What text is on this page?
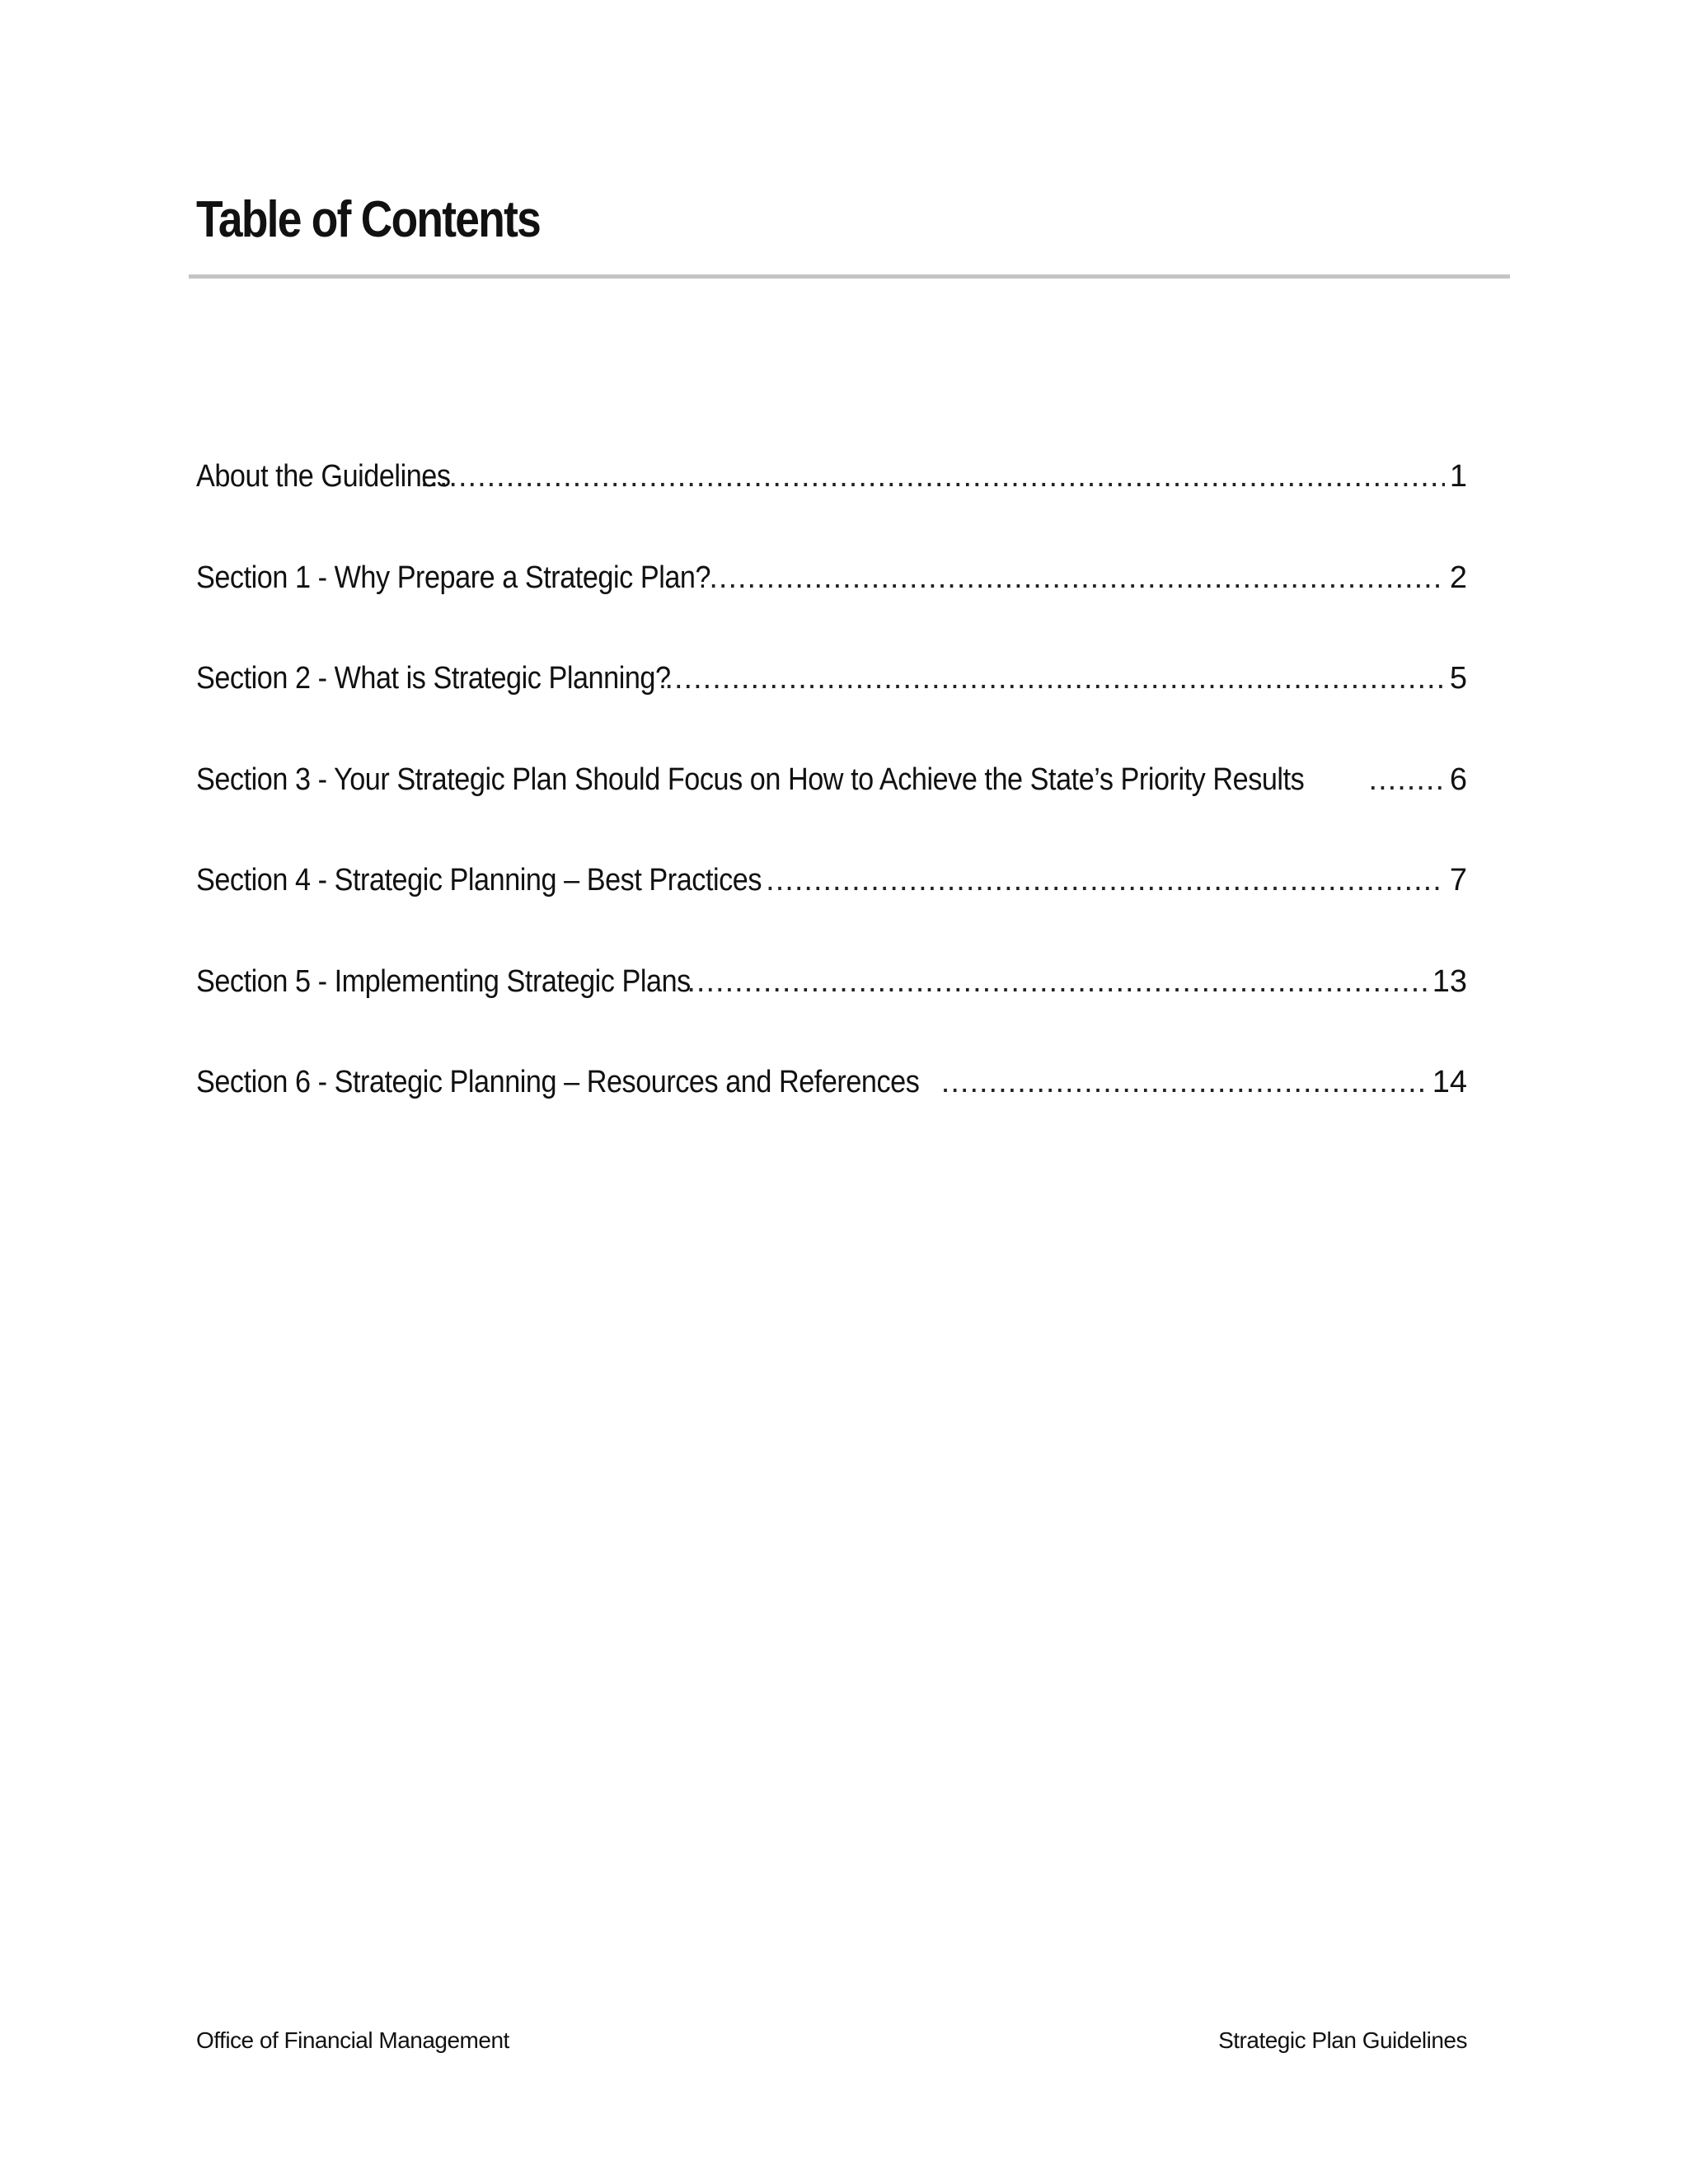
Table of Contents
About the Guidelines .....	1
Section 1 - Why Prepare a Strategic Plan? .....	2
Section 2 - What is Strategic Planning? .....	5
Section 3 - Your Strategic Plan Should Focus on How to Achieve the State’s Priority Results .....	6
Section 4 - Strategic Planning – Best Practices .....	7
Section 5 - Implementing Strategic Plans .....	13
Section 6 - Strategic Planning – Resources and References .....	14
Office of Financial Management	Strategic Plan Guidelines
